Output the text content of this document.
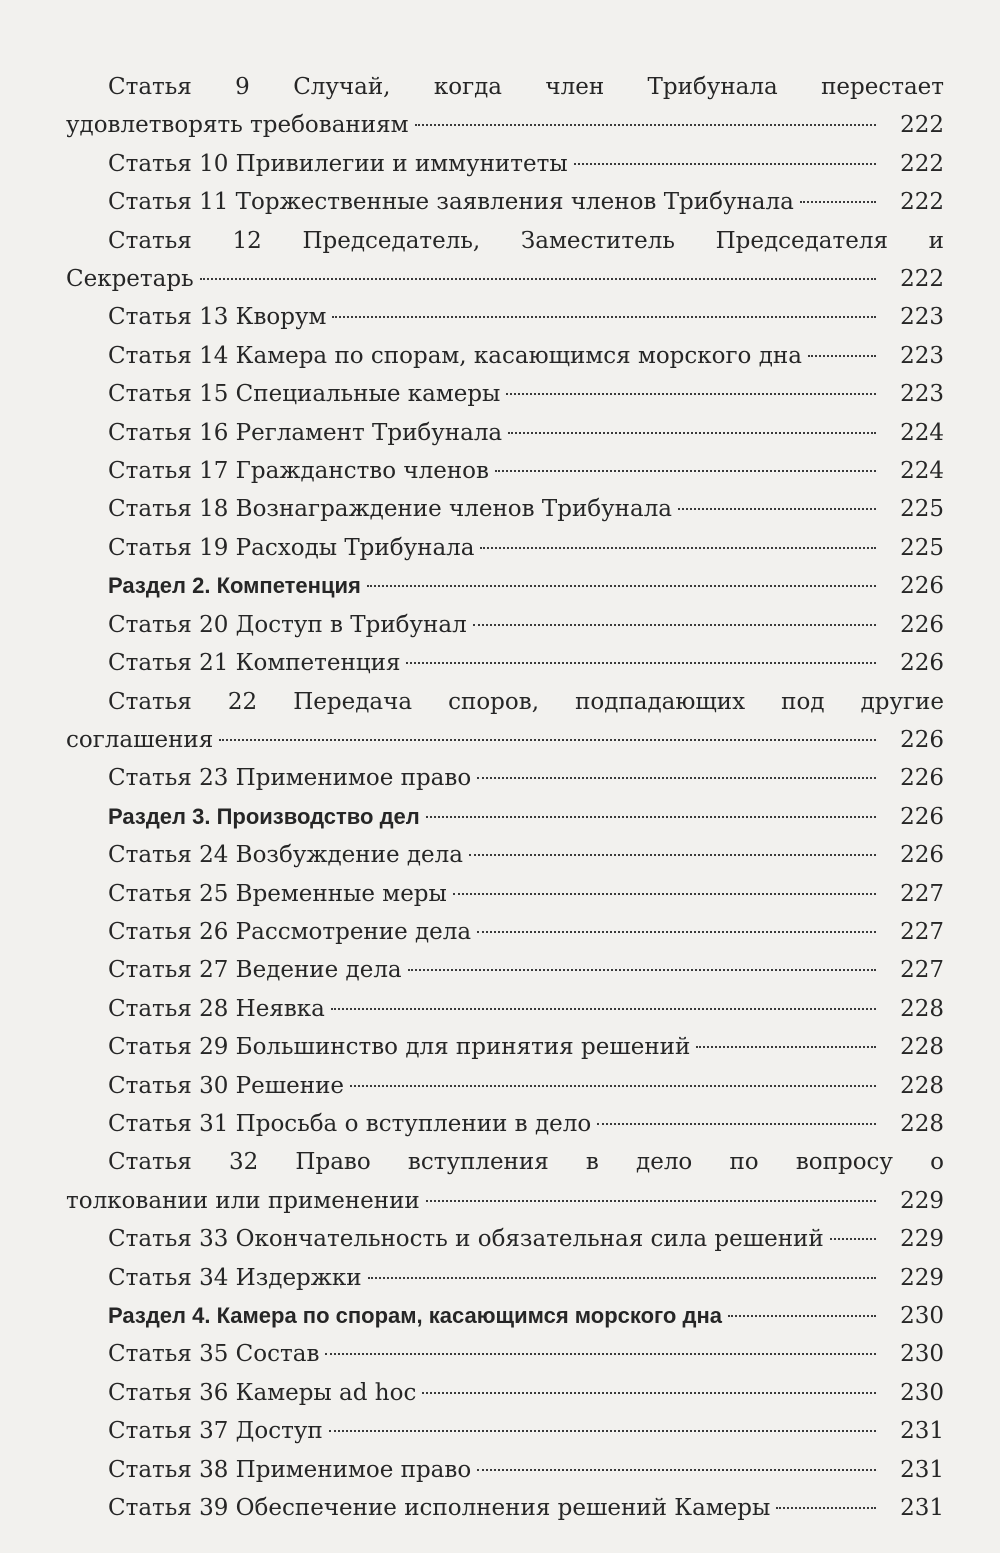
Статья 9 Случай, когда член Трибунала перестает
удовлетворять требованиям	222
Статья 10 Привилегии и иммунитеты	222
Статья 11 Торжественные заявления членов Трибунала	222
Статья 12 Председатель, Заместитель Председателя и
Секретарь	222
Статья 13 Кворум	223
Статья 14 Камера по спорам, касающимся морского дна	223
Статья 15 Специальные камеры	223
Статья 16 Регламент Трибунала	224
Статья 17 Гражданство членов	224
Статья 18 Вознаграждение членов Трибунала	225
Статья 19 Расходы Трибунала	225
Раздел 2. Компетенция	226
Статья 20 Доступ в Трибунал	226
Статья 21 Компетенция	226
Статья 22 Передача споров, подпадающих под другие
соглашения	226
Статья 23 Применимое право	226
Раздел 3. Производство дел	226
Статья 24 Возбуждение дела	226
Статья 25 Временные меры	227
Статья 26 Рассмотрение дела	227
Статья 27 Ведение дела	227
Статья 28 Неявка	228
Статья 29 Большинство для принятия решений	228
Статья 30 Решение	228
Статья 31 Просьба о вступлении в дело	228
Статья 32 Право вступления в дело по вопросу о
толковании или применении	229
Статья 33 Окончательность и обязательная сила решений	229
Статья 34 Издержки	229
Раздел 4. Камера по спорам, касающимся морского дна	230
Статья 35 Состав	230
Статья 36 Камеры ad hoc	230
Статья 37 Доступ	231
Статья 38 Применимое право	231
Статья 39 Обеспечение исполнения решений Камеры	231
